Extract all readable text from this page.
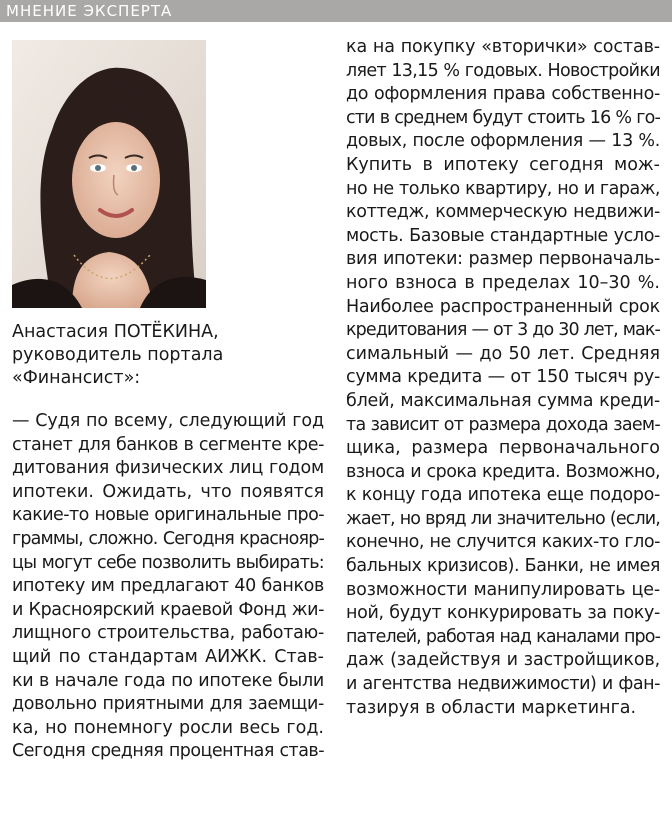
МНЕНИЕ ЭКСПЕРТА
Анастасия ПОТЁКИНА,
руководитель портала
«Финансист»:
— Судя по всему, следующий год
станет для банков в сегменте кре-
дитования физических лиц годом
ипотеки. Ожидать, что появятся
какие-то новые оригинальные про-
граммы, сложно. Сегодня краснояр-
цы могут себе позволить выбирать:
ипотеку им предлагают 40 банков
и Красноярский краевой Фонд жи-
лищного строительства, работаю-
щий по стандартам АИЖК. Став-
ки в начале года по ипотеке были
довольно приятными для заемщи-
ка, но понемногу росли весь год.
Сегодня средняя процентная став-
ка на покупку «вторички» состав-
ляет 13,15 % годовых. Новостройки
до оформления права собственно-
сти в среднем будут стоить 16 % го-
довых, после оформления — 13 %.
Купить в ипотеку сегодня мож-
но не только квартиру, но и гараж,
коттедж, коммерческую недвижи-
мость. Базовые стандартные усло-
вия ипотеки: размер первоначаль-
ного взноса в пределах 10–30 %.
Наиболее распространенный срок
кредитования — от 3 до 30 лет, мак-
симальный — до 50 лет. Средняя
сумма кредита — от 150 тысяч ру-
блей, максимальная сумма креди-
та зависит от размера дохода заем-
щика, размера первоначального
взноса и срока кредита. Возможно,
к концу года ипотека еще подоро-
жает, но вряд ли значительно (если,
конечно, не случится каких-то гло-
бальных кризисов). Банки, не имея
возможности манипулировать це-
ной, будут конкурировать за поку-
пателей, работая над каналами про-
даж (задействуя и застройщиков,
и агентства недвижимости) и фан-
тазируя в области маркетинга.
